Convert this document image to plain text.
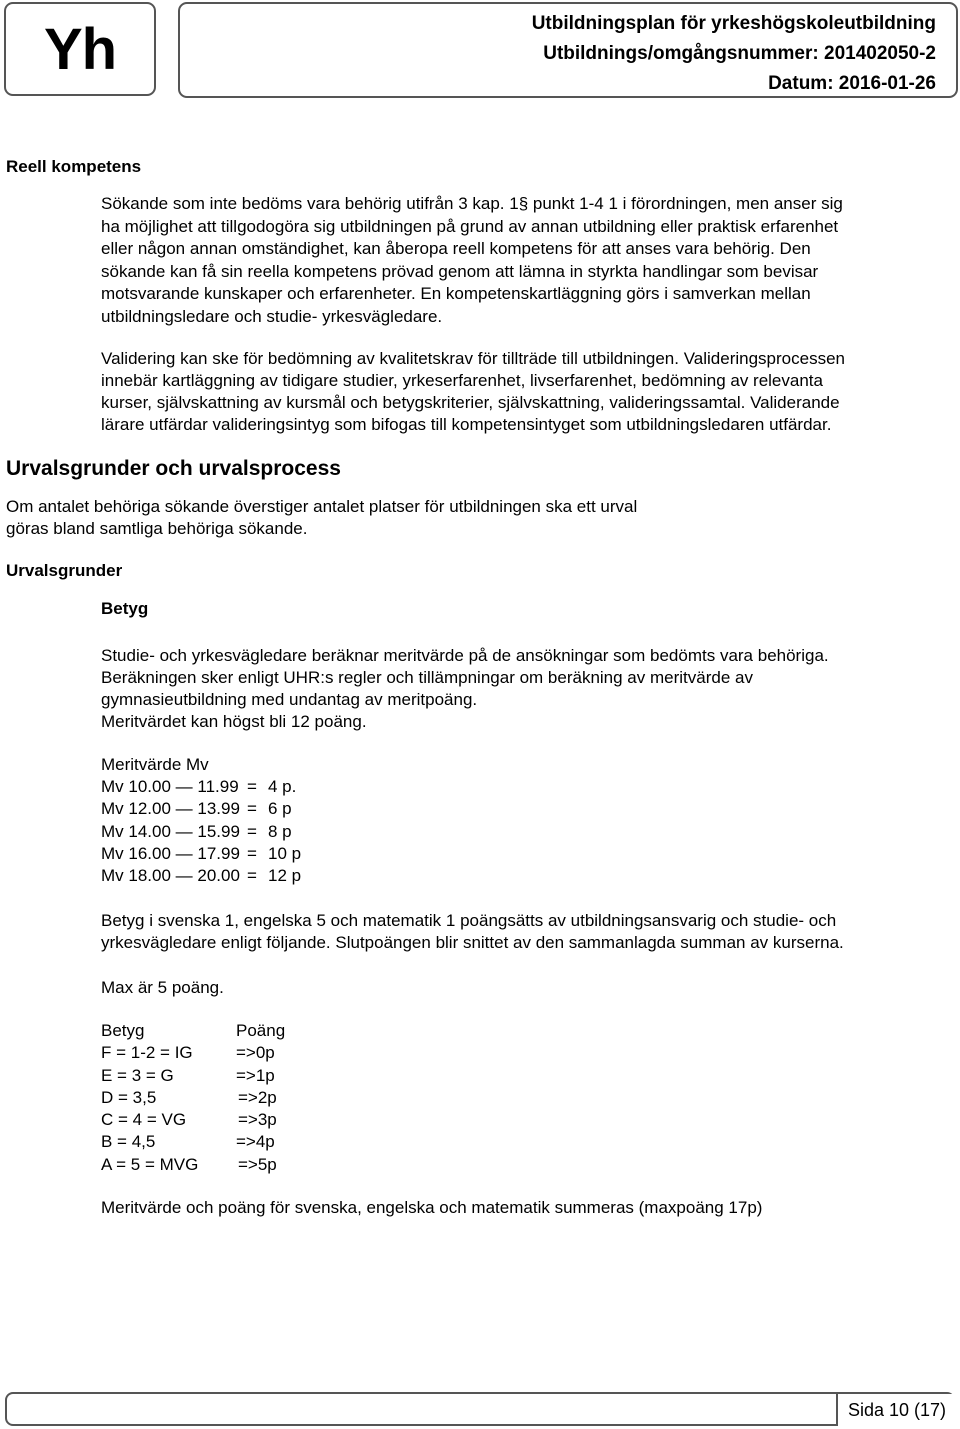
Yh	Utbildningsplan för yrkeshögskoleutbildning
Utbildnings/omgångsnummer: 201402050-2
Datum: 2016-01-26
Reell kompetens
Sökande som inte bedöms vara behörig utifrån 3 kap. 1§ punkt 1-4 1 i förordningen, men anser sig
ha möjlighet att tillgodogöra sig utbildningen på grund av annan utbildning eller praktisk erfarenhet
eller någon annan omständighet, kan åberopa reell kompetens för att anses vara behörig. Den
sökande kan få sin reella kompetens prövad genom att lämna in styrkta handlingar som bevisar
motsvarande kunskaper och erfarenheter. En kompetenskartläggning görs i samverkan mellan
utbildningsledare och studie- yrkesvägledare.
Validering kan ske för bedömning av kvalitetskrav för tillträde till utbildningen. Valideringsprocessen
innebär kartläggning av tidigare studier, yrkeserfarenhet, livserfarenhet, bedömning av relevanta
kurser, självskattning av kursmål och betygskriterier, självskattning, valideringssamtal. Validerande
lärare utfärdar valideringsintyg som bifogas till kompetensintyget som utbildningsledaren utfärdar.
Urvalsgrunder och urvalsprocess
Om antalet behöriga sökande överstiger antalet platser för utbildningen ska ett urval
göras bland samtliga behöriga sökande.
Urvalsgrunder
Betyg
Studie- och yrkesvägledare beräknar meritvärde på de ansökningar som bedömts vara behöriga.
Beräkningen sker enligt UHR:s regler och tillämpningar om beräkning av meritvärde av
gymnasieutbildning med undantag av meritpoäng.
Meritvärdet kan högst bli 12 poäng.
Meritvärde Mv
Mv 10.00 — 11.99 = 4 p.
Mv 12.00 — 13.99 = 6 p
Mv 14.00 — 15.99 = 8 p
Mv 16.00 — 17.99 = 10 p
Mv 18.00 — 20.00 = 12 p
Betyg i svenska 1, engelska 5 och matematik 1 poängsätts av utbildningsansvarig och studie- och
yrkesvägledare enligt följande. Slutpoängen blir snittet av den sammanlagda summan av kurserna.
Max är 5 poäng.
Betyg	Poäng
F = 1-2 = IG	=>0p
E = 3 = G	=>1p
D = 3,5	=>2p
C = 4 = VG	=>3p
B = 4,5	=>4p
A = 5 = MVG	=>5p
Meritvärde och poäng för svenska, engelska och matematik summeras (maxpoäng 17p)
Sida 10 (17)
